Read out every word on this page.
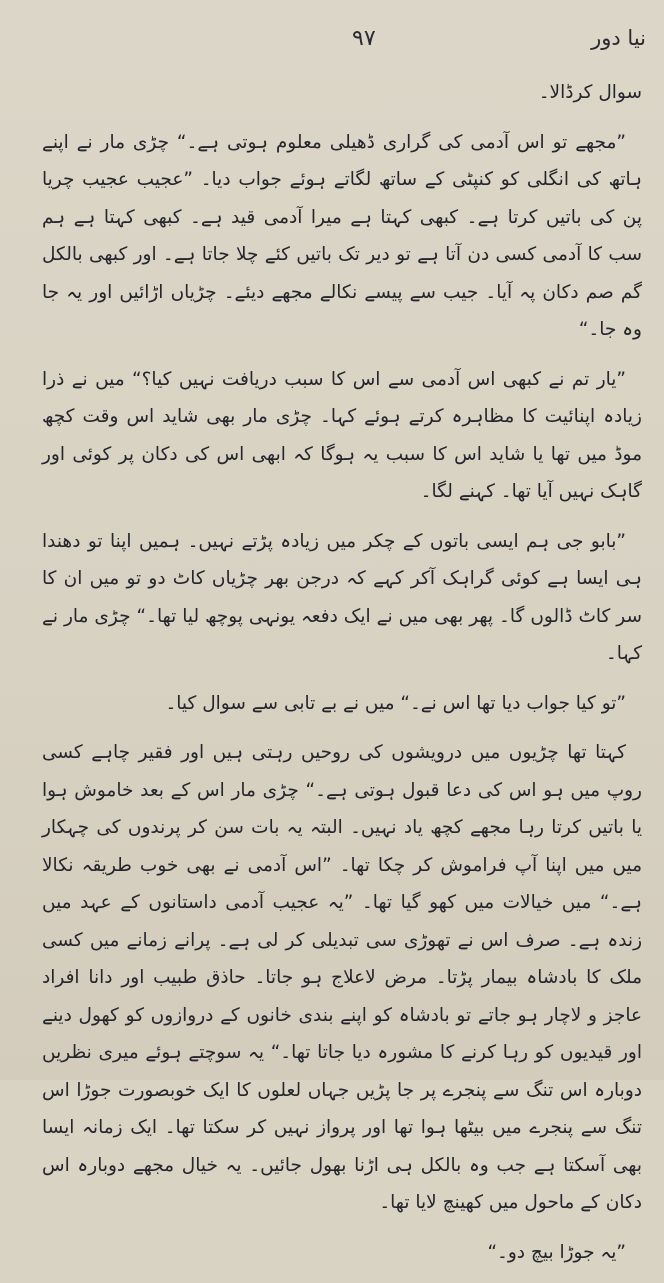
۹۷	نیا دور

سوال کرڈالا۔

”مجھے تو اس آدمی کی گراری ڈھیلی معلوم ہوتی ہے۔“ چڑی مار نے اپنے ہاتھ کی انگلی کو کنپٹی کے ساتھ لگاتے ہوئے جواب دیا۔ ”عجیب عجیب چریا پن کی باتیں کرتا ہے۔ کبھی کہتا ہے میرا آدمی قید ہے۔ کبھی کہتا ہے ہم سب کا آدمی کسی دن آتا ہے تو دیر تک باتیں کئے چلا جاتا ہے۔ اور کبھی بالکل گم صم دکان پہ آیا۔ جیب سے پیسے نکالے مجھے دیئے۔ چڑیاں اڑائیں اور یہ جا وہ جا۔“

”یار تم نے کبھی اس آدمی سے اس کا سبب دریافت نہیں کیا؟“ میں نے ذرا زیادہ اپنائیت کا مظاہرہ کرتے ہوئے کہا۔ چڑی مار بھی شاید اس وقت کچھ موڈ میں تھا یا شاید اس کا سبب یہ ہوگا کہ ابھی اس کی دکان پر کوئی اور گاہک نہیں آیا تھا۔ کہنے لگا۔

”بابو جی ہم ایسی باتوں کے چکر میں زیادہ پڑتے نہیں۔ ہمیں اپنا تو دھندا ہی ایسا ہے کوئی گراہک آکر کہے کہ درجن بھر چڑیاں کاٹ دو تو میں ان کا سر کاٹ ڈالوں گا۔ پھر بھی میں نے ایک دفعہ یونہی پوچھ لیا تھا۔“ چڑی مار نے کہا۔

”تو کیا جواب دیا تھا اس نے۔“ میں نے بے تابی سے سوال کیا۔

کہتا تھا چڑیوں میں درویشوں کی روحیں رہتی ہیں اور فقیر چاہے کسی روپ میں ہو اس کی دعا قبول ہوتی ہے۔“ چڑی مار اس کے بعد خاموش ہوا یا باتیں کرتا رہا مجھے کچھ یاد نہیں۔ البتہ یہ بات سن کر پرندوں کی چہکار میں میں اپنا آپ فراموش کر چکا تھا۔ ”اس آدمی نے بھی خوب طریقہ نکالا ہے۔“ میں خیالات میں کھو گیا تھا۔ ”یہ عجیب آدمی داستانوں کے عہد میں زندہ ہے۔ صرف اس نے تھوڑی سی تبدیلی کر لی ہے۔ پرانے زمانے میں کسی ملک کا بادشاہ بیمار پڑتا۔ مرض لاعلاج ہو جاتا۔ حاذق طبیب اور دانا افراد عاجز و لاچار ہو جاتے تو بادشاہ کو اپنے بندی خانوں کے دروازوں کو کھول دینے اور قیدیوں کو رہا کرنے کا مشورہ دیا جاتا تھا۔“ یہ سوچتے ہوئے میری نظریں دوبارہ اس تنگ سے پنجرے پر جا پڑیں جہاں لعلوں کا ایک خوبصورت جوڑا اس تنگ سے پنجرے میں بیٹھا ہوا تھا اور پرواز نہیں کر سکتا تھا۔ ایک زمانہ ایسا بھی آسکتا ہے جب وہ بالکل ہی اڑنا بھول جائیں۔ یہ خیال مجھے دوبارہ اس دکان کے ماحول میں کھینچ لایا تھا۔

”یہ جوڑا بیچ دو۔“
